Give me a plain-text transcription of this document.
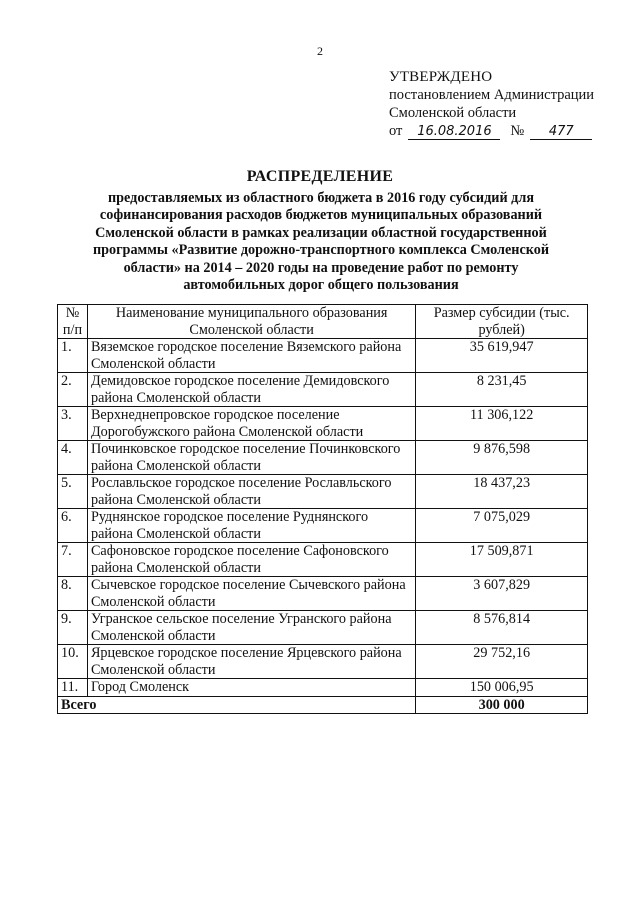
2
УТВЕРЖДЕНО
постановлением Администрации
Смоленской области
от 16.08.2016 № 477
РАСПРЕДЕЛЕНИЕ
предоставляемых из областного бюджета в 2016 году субсидий для софинансирования расходов бюджетов муниципальных образований Смоленской области в рамках реализации областной государственной программы «Развитие дорожно-транспортного комплекса Смоленской области» на 2014 – 2020 годы на проведение работ по ремонту автомобильных дорог общего пользования
№ п/п	Наименование муниципального образования Смоленской области	Размер субсидии (тыс. рублей)
1.	Вяземское городское поселение Вяземского района Смоленской области	35 619,947
2.	Демидовское городское поселение Демидовского района Смоленской области	8 231,45
3.	Верхнеднепровское городское поселение Дорогобужского района Смоленской области	11 306,122
4.	Починковское городское поселение Починковского района Смоленской области	9 876,598
5.	Рославльское городское поселение Рославльского района Смоленской области	18 437,23
6.	Руднянское городское поселение Руднянского района Смоленской области	7 075,029
7.	Сафоновское городское поселение Сафоновского района Смоленской области	17 509,871
8.	Сычевское городское поселение Сычевского района Смоленской области	3 607,829
9.	Угранское сельское поселение Угранского района Смоленской области	8 576,814
10.	Ярцевское городское поселение Ярцевского района Смоленской области	29 752,16
11.	Город Смоленск	150 006,95
Всего		300 000
